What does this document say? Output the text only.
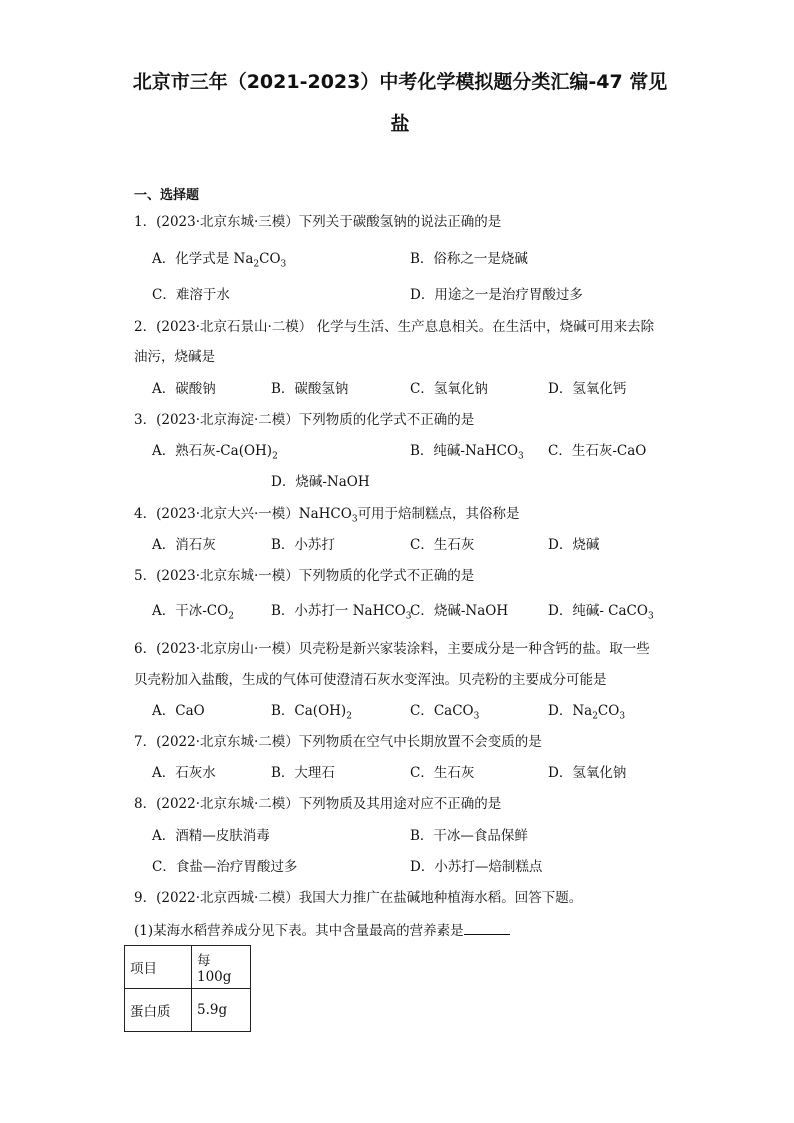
北京市三年（2021-2023）中考化学模拟题分类汇编-47 常见
盐
一、选择题
1．(2023·北京东城·三模）下列关于碳酸氢钠的说法正确的是
A．化学式是 $Na_2CO_3$	B．俗称之一是烧碱
C．难溶于水	D．用途之一是治疗胃酸过多
2．(2023·北京石景山·二模） 化学与生活、生产息息相关。在生活中，烧碱可用来去除
油污，烧碱是
A．碳酸钠	B．碳酸氢钠	C．氢氧化钠	D．氢氧化钙
3．(2023·北京海淀·二模）下列物质的化学式不正确的是
A．熟石灰$-Ca(OH)_2$	B．纯碱-NaHCO$_3$ C．生石灰-CaO
D．烧碱-NaOH
4．(2023·北京大兴·一模）NaHCO$_3$可用于焙制糕点，其俗称是
A．消石灰	B．小苏打	C．生石灰	D．烧碱
5．(2023·北京东城·一模）下列物质的化学式不正确的是
A．干冰$-CO_2$	B．小苏打一 NaHCO$_3$
C．烧碱-NaOH	D．纯碱- CaCO$_3$
6．(2023·北京房山·一模）贝壳粉是新兴家装涂料，主要成分是一种含钙的盐。取一些
贝壳粉加入盐酸，生成的气体可使澄清石灰水变浑浊。贝壳粉的主要成分可能是
A．CaO	B．$Ca(OH)_2$	C．CaCO$_3$	D．$Na_2CO_3$
7．(2022·北京东城·二模）下列物质在空气中长期放置不会变质的是
A．石灰水	B．大理石	C．生石灰	D．氢氧化钠
8．(2022·北京东城·二模）下列物质及其用途对应不正确的是
A．酒精—皮肤消毒	B．干冰—食品保鲜
C．食盐—治疗胃酸过多	D．小苏打—焙制糕点
9．(2022·北京西城·二模）我国大力推广在盐碱地种植海水稻。回答下题。
(1)某海水稻营养成分见下表。其中含量最高的营养素是
项目	每 100g
蛋白质	5.9g
